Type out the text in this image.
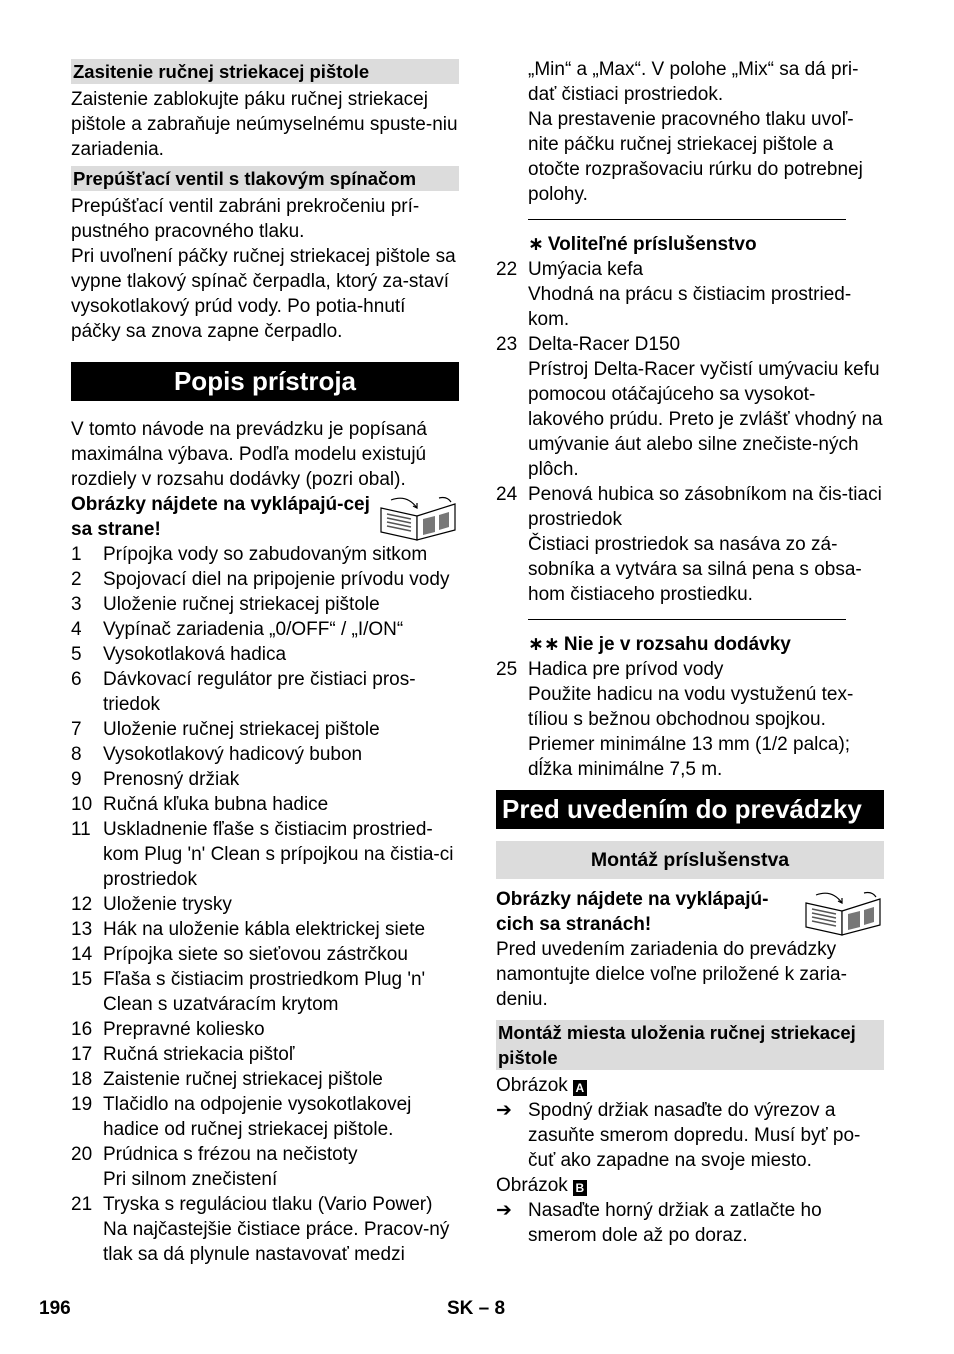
Zasitenie ručnej striekacej pištole

Zaistenie zablokujte páku ručnej striekacej pištole a zabraňuje neúmyselnému spuste-niu zariadenia.

Prepúšťací ventil s tlakovým spínačom

Prepúšťací ventil zabráni prekročeniu prí-pustného pracovného tlaku.

Pri uvoľnení páčky ručnej striekacej pištole sa vypne tlakový spínač čerpadla, ktorý za-staví vysokotlakový prúd vody. Po potia-hnutí páčky sa znova zapne čerpadlo.

Popis prístroja

V tomto návode na prevádzku je popísaná maximálna výbava. Podľa modelu existujú rozdiely v rozsahu dodávky (pozri obal).

Obrázky nájdete na vyklápajú-cej sa strane!

1	Prípojka vody so zabudovaným sitkom
2	Spojovací diel na pripojenie prívodu vody
3	Uloženie ručnej striekacej pištole
4	Vypínač zariadenia „0/OFF“ / „I/ON“
5	Vysokotlaková hadica
6	Dávkovací regulátor pre čistiaci pros-triedok
7	Uloženie ručnej striekacej pištole
8	Vysokotlakový hadicový bubon
9	Prenosný držiak
10 Ručná kľuka bubna hadice
11 Uskladnenie fľaše s čistiacim prostried-kom Plug 'n' Clean s prípojkou na čistia-ci prostriedok
12 Uloženie trysky
13 Hák na uloženie kábla elektrickej siete
14 Prípojka siete so sieťovou zástrčkou
15 Fľaša s čistiacim prostriedkom Plug 'n' Clean s uzatváracím krytom
16 Prepravné koliesko
17 Ručná striekacia pištoľ
18 Zaistenie ručnej striekacej pištole
19 Tlačidlo na odpojenie vysokotlakovej hadice od ručnej striekacej pištole.
20 Prúdnica s frézou na nečistoty

Pri silnom znečistení

21 Tryska s reguláciou tlaku (Vario Power)

Na najčastejšie čistiace práce. Pracov-ný tlak sa dá plynule nastavovať medzi

„Min“ a „Max“. V polohe „Mix“ sa dá pri-dať čistiaci prostriedok.

Na prestavenie pracovného tlaku uvoľ-nite páčku ručnej striekacej pištole a otočte rozprašovaciu rúrku do potrebnej polohy.

∗ Voliteľné príslušenstvo
22 Umýacia kefa

Vhodná na prácu s čistiacim prostried-kom.

23 Delta-Racer D150

Prístroj Delta-Racer vyčistí umývaciu kefu pomocou otáčajúceho sa vysokot-lakového prúdu. Preto je zvlášť vhodný na umývanie áut alebo silne znečiste-ných plôch.

24 Penová hubica so zásobníkom na čis-tiaci prostriedok

Čistiaci prostriedok sa nasáva zo zá-sobníka a vytvára sa silná pena s obsa-hom čistiaceho prostiedku.

∗∗ Nie je v rozsahu dodávky
25 Hadica pre prívod vody

Použite hadicu na vodu vystuženú tex-tíliou s bežnou obchodnou spojkou.

Priemer minimálne 13 mm (1/2 palca); dĺžka minimálne 7,5 m.

Pred uvedením do prevádzky
Montáž príslušenstva

Obrázky nájdete na vyklápajú-cich sa stranách!

Pred uvedením zariadenia do prevádzky namontujte dielce voľne priložené k zaria-deniu.

Montáž miesta uloženia ručnej striekacej pištole

Obrázok A

➔ Spodný držiak nasaďte do výrezov a zasuňte smerom dopredu. Musí byť po-čuť ako zapadne na svoje miesto.

Obrázok B

➔ Nasaďte horný držiak a zatlačte ho smerom dole až po doraz.
196	SK – 8
